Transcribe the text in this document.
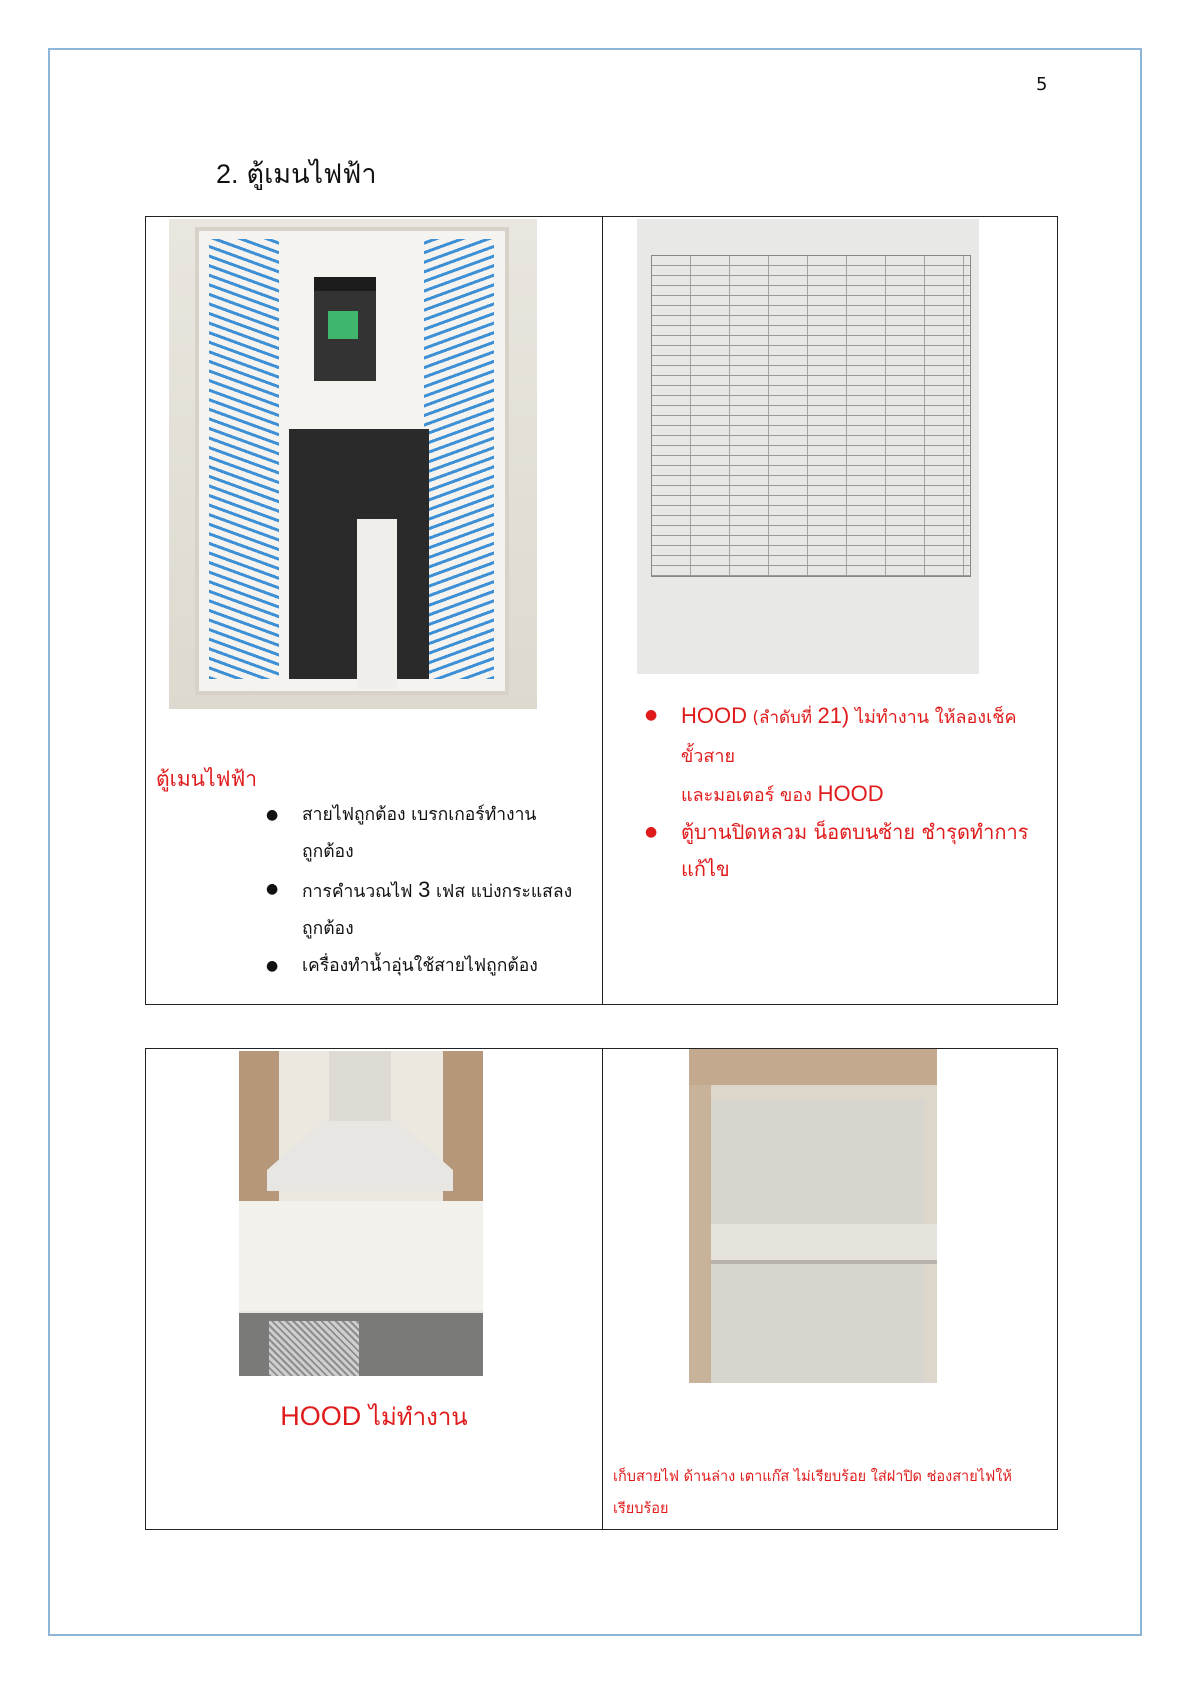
5
2. ตู้เมนไฟฟ้า
ตู้เมนไฟฟ้า
● สายไฟถูกต้อง เบรกเกอร์ทำงาน
ถูกต้อง
● การคำนวณไฟ 3 เฟส แบ่งกระแสลง
ถูกต้อง
● เครื่องทำน้ำอุ่นใช้สายไฟถูกต้อง

● HOOD (ลำดับที่ 21) ไม่ทำงาน ให้ลองเช็ค
ขั้วสาย
และมอเตอร์ ของ HOOD
● ตู้บานปิดหลวม น็อตบนซ้าย ชำรุดทำการ
แก้ไข
HOOD ไม่ทำงาน

เก็บสายไฟ ด้านล่าง เตาแก๊ส ไม่เรียบร้อย ใส่ฝาปิด ช่องสายไฟให้
เรียบร้อย
